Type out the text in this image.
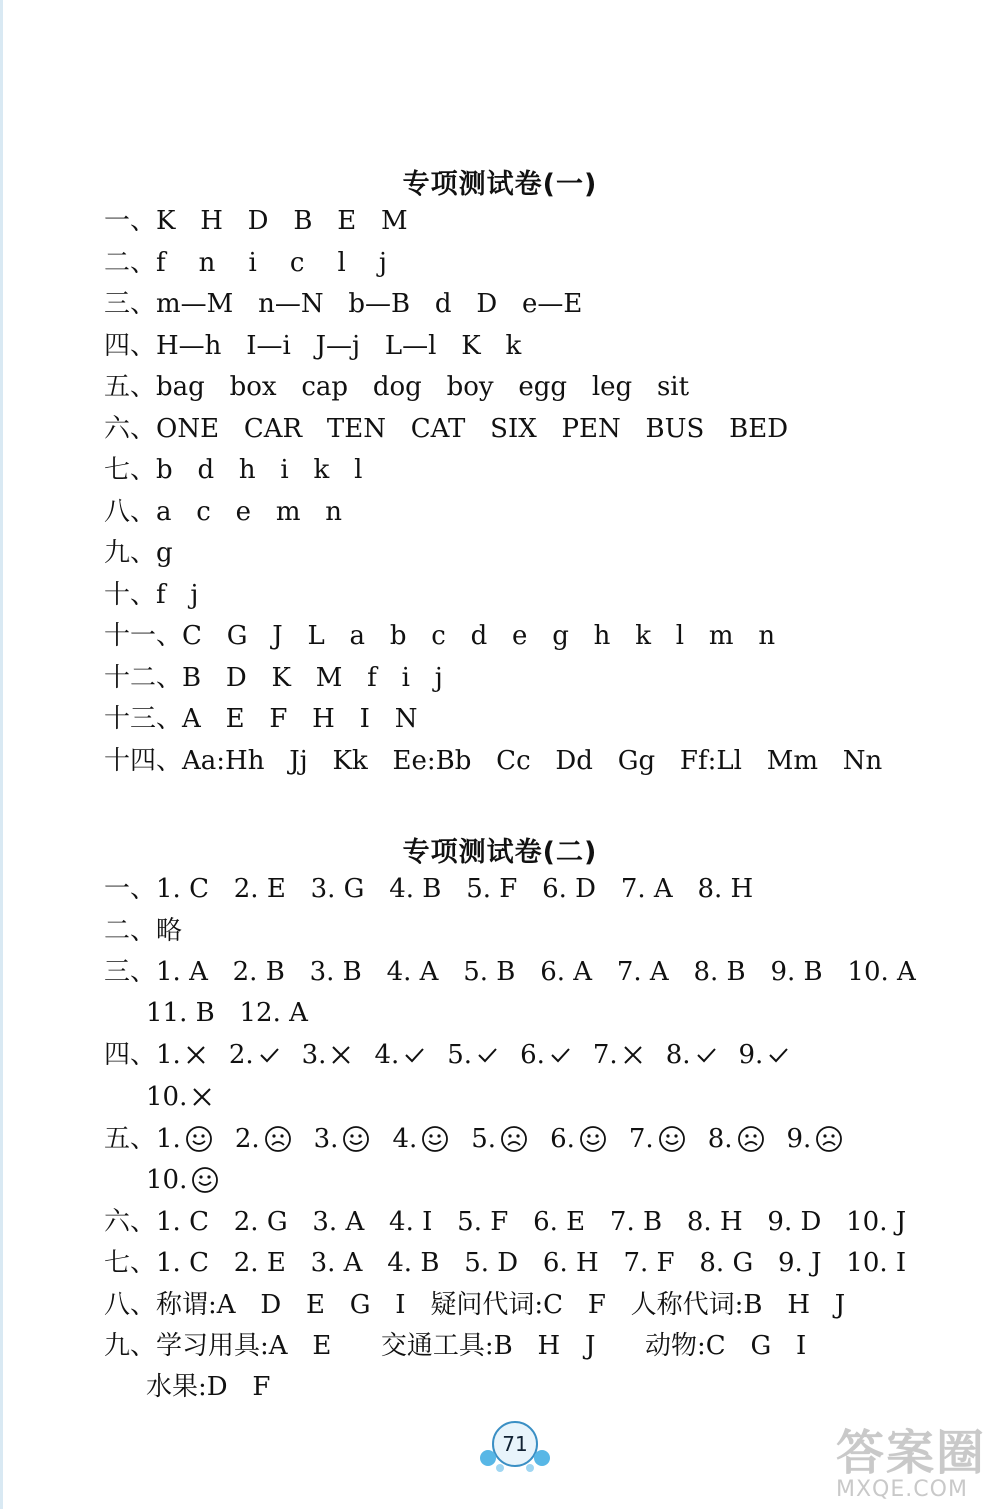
专项测试卷(一)
一、K   H   D   B   E   M
二、f    n    i    c    l    j
三、m—M   n—N   b—B   d   D   e—E
四、H—h   I—i   J—j   L—l   K   k
五、bag   box   cap   dog   boy   egg   leg   sit
六、ONE   CAR   TEN   CAT   SIX   PEN   BUS   BED
七、b   d   h   i   k   l
八、a   c   e   m   n
九、g
十、f   j
十一、C   G   J   L   a   b   c   d   e   g   h   k   l   m   n
十二、B   D   K   M   f   i   j
十三、A   E   F   H   I   N
十四、Aa:Hh   Jj   Kk   Ee:Bb   Cc   Dd   Gg   Ff:Ll   Mm   Nn
专项测试卷(二)
一、1. C   2. E   3. G   4. B   5. F   6. D   7. A   8. H
二、略
三、1. A   2. B   3. B   4. A   5. B   6. A   7. A   8. B   9. B   10. A
11. B   12. A
四、 1. 2. 3. 4. 5. 6. 7. 8. 9.
10.
五、 1. 2. 3. 4. 5. 6. 7. 8. 9.
10.
六、1. C   2. G   3. A   4. I   5. F   6. E   7. B   8. H   9. D   10. J
七、1. C   2. E   3. A   4. B   5. D   6. H   7. F   8. G   9. J   10. I
八、称谓:A   D   E   G   I   疑问代词:C   F   人称代词:B   H   J
九、学习用具:A   E      交通工具:B   H   J      动物:C   G   I
水果:D   F
71	答案圈
MXQE.COM
